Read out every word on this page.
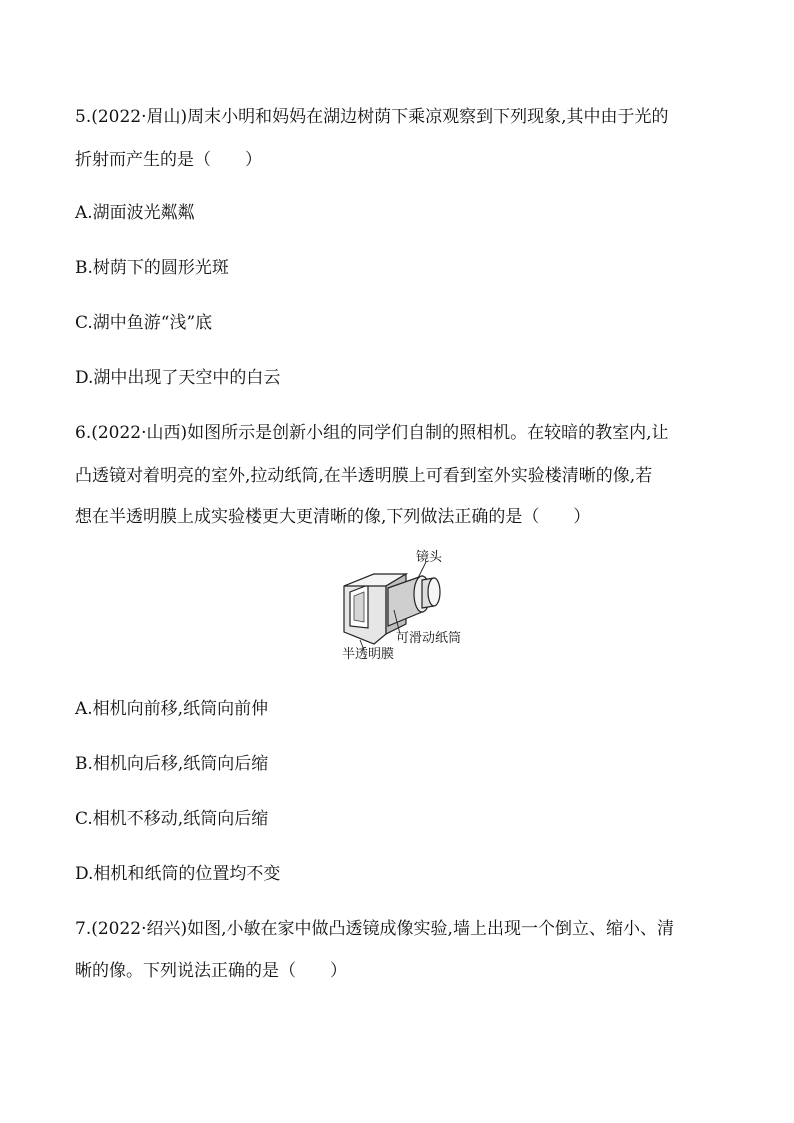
5.(2022·眉山)周末小明和妈妈在湖边树荫下乘凉观察到下列现象,其中由于光的
折射而产生的是（　　）
A.湖面波光粼粼
B.树荫下的圆形光斑
C.湖中鱼游“浅”底
D.湖中出现了天空中的白云
6.(2022·山西)如图所示是创新小组的同学们自制的照相机。在较暗的教室内,让
凸透镜对着明亮的室外,拉动纸筒,在半透明膜上可看到室外实验楼清晰的像,若
想在半透明膜上成实验楼更大更清晰的像,下列做法正确的是（　　）
镜头
可滑动纸筒
半透明膜
A.相机向前移,纸筒向前伸
B.相机向后移,纸筒向后缩
C.相机不移动,纸筒向后缩
D.相机和纸筒的位置均不变
7.(2022·绍兴)如图,小敏在家中做凸透镜成像实验,墙上出现一个倒立、缩小、清
晰的像。下列说法正确的是（　　）
